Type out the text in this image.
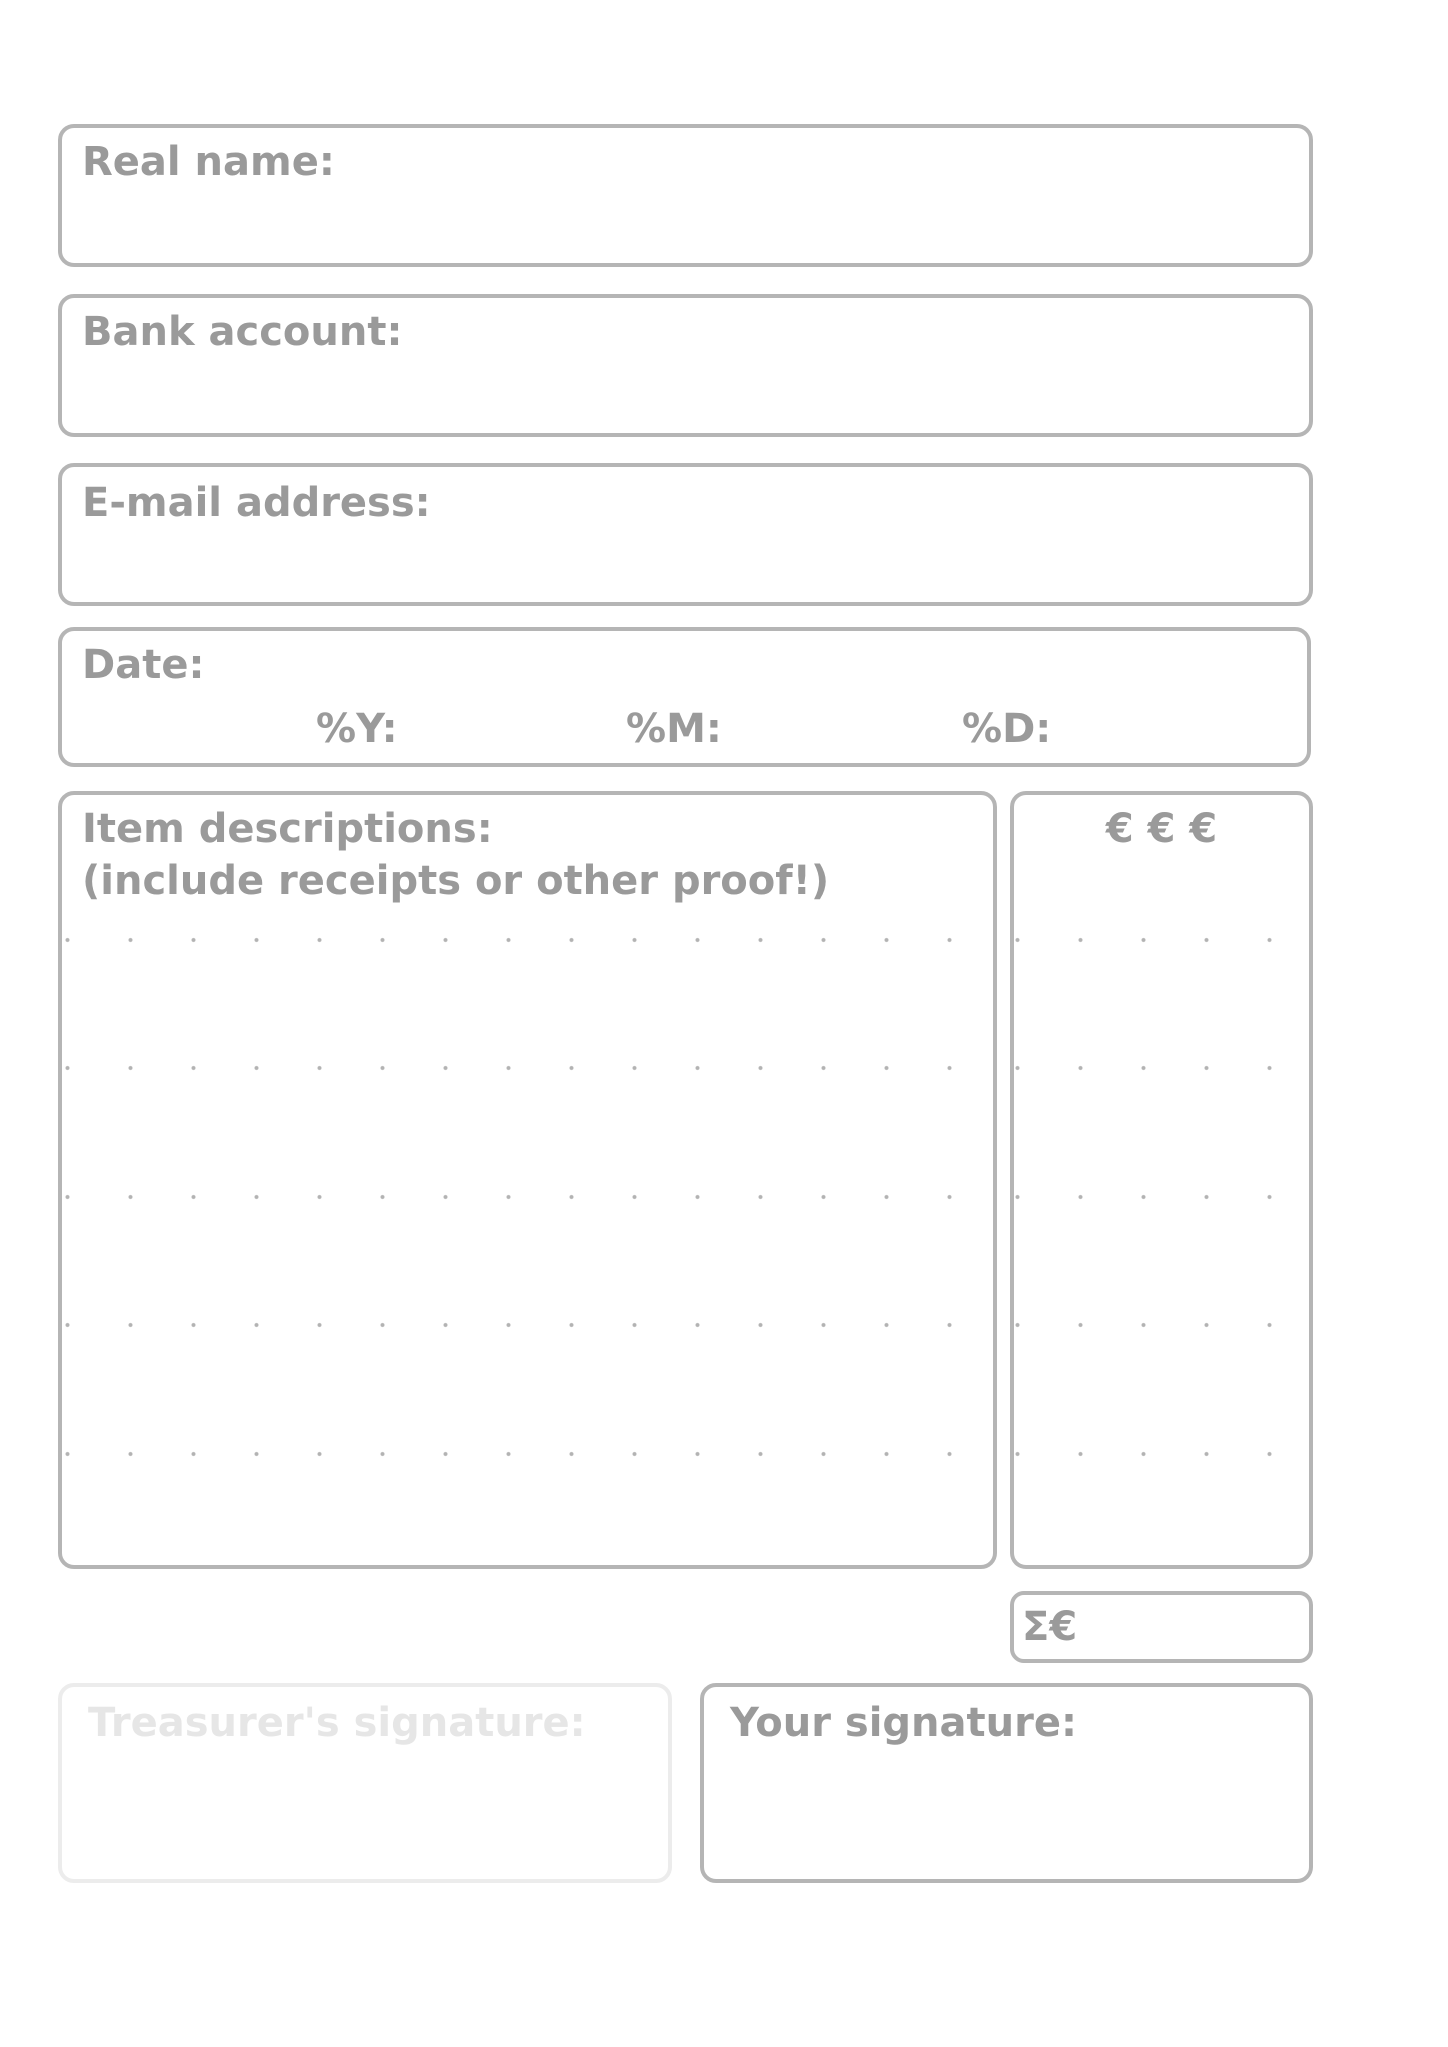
Real name:
Bank account:
E-mail address:
Date:
%Y:	%M:	%D:
Item descriptions:
(include receipts or other proof!)
€ € €
Σ€
Treasurer's signature:	Your signature:
